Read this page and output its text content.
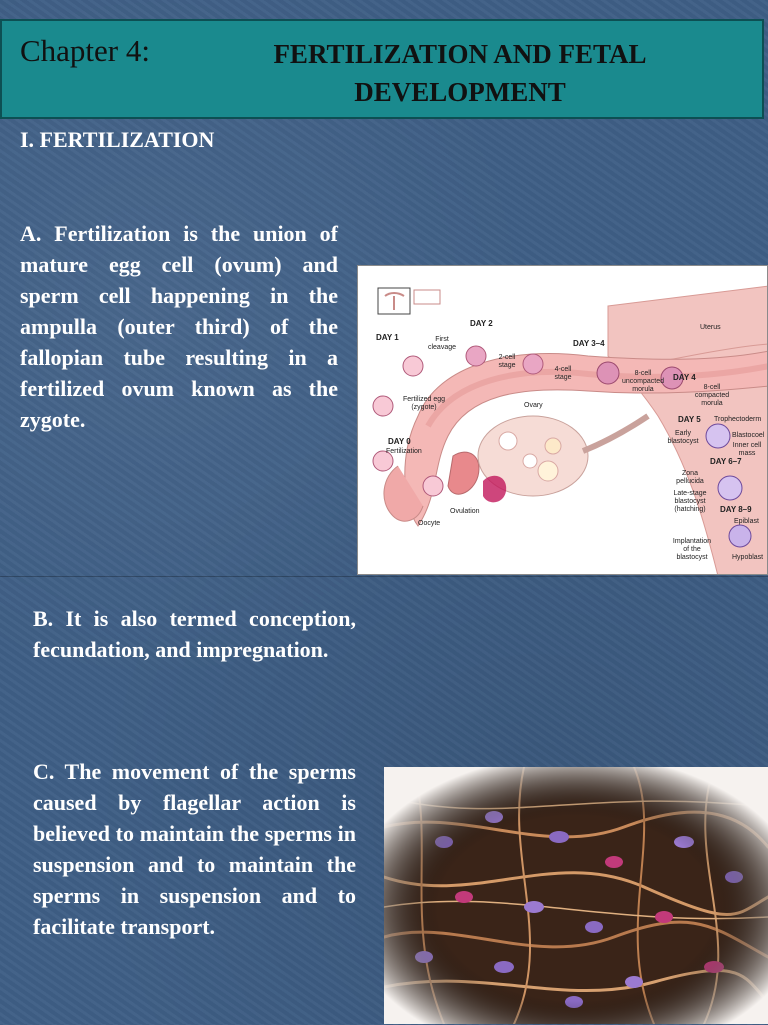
Chapter 4:	FERTILIZATION AND FETAL
DEVELOPMENT
I. FERTILIZATION
A. Fertilization is the union of mature egg cell (ovum) and sperm cell happening in the ampulla (outer third) of the fallopian tube resulting in a fertilized ovum known as the zygote.
DAY 1
DAY 2
DAY 3–4
DAY 4
DAY 5
DAY 6–7
DAY 8–9
DAY 0
Uterus
First cleavage
2-cell stage
4-cell stage
8-cell uncompacted morula	8-cell compacted morula
Fertilized egg (zygote)	Ovary
Fertilization
Ovulation
Oocyte
Trophectoderm
Blastocoel
Inner cell mass
Early blastocyst
Zona pellucida
Late-stage blastocyst (hatching)
Epiblast
Implantation of the blastocyst	Hypoblast
B. It is also termed conception, fecundation, and impregnation.
C. The movement of the sperms caused by flagellar action is believed to maintain the sperms in suspension and to maintain the sperms in suspension and to facilitate transport.
